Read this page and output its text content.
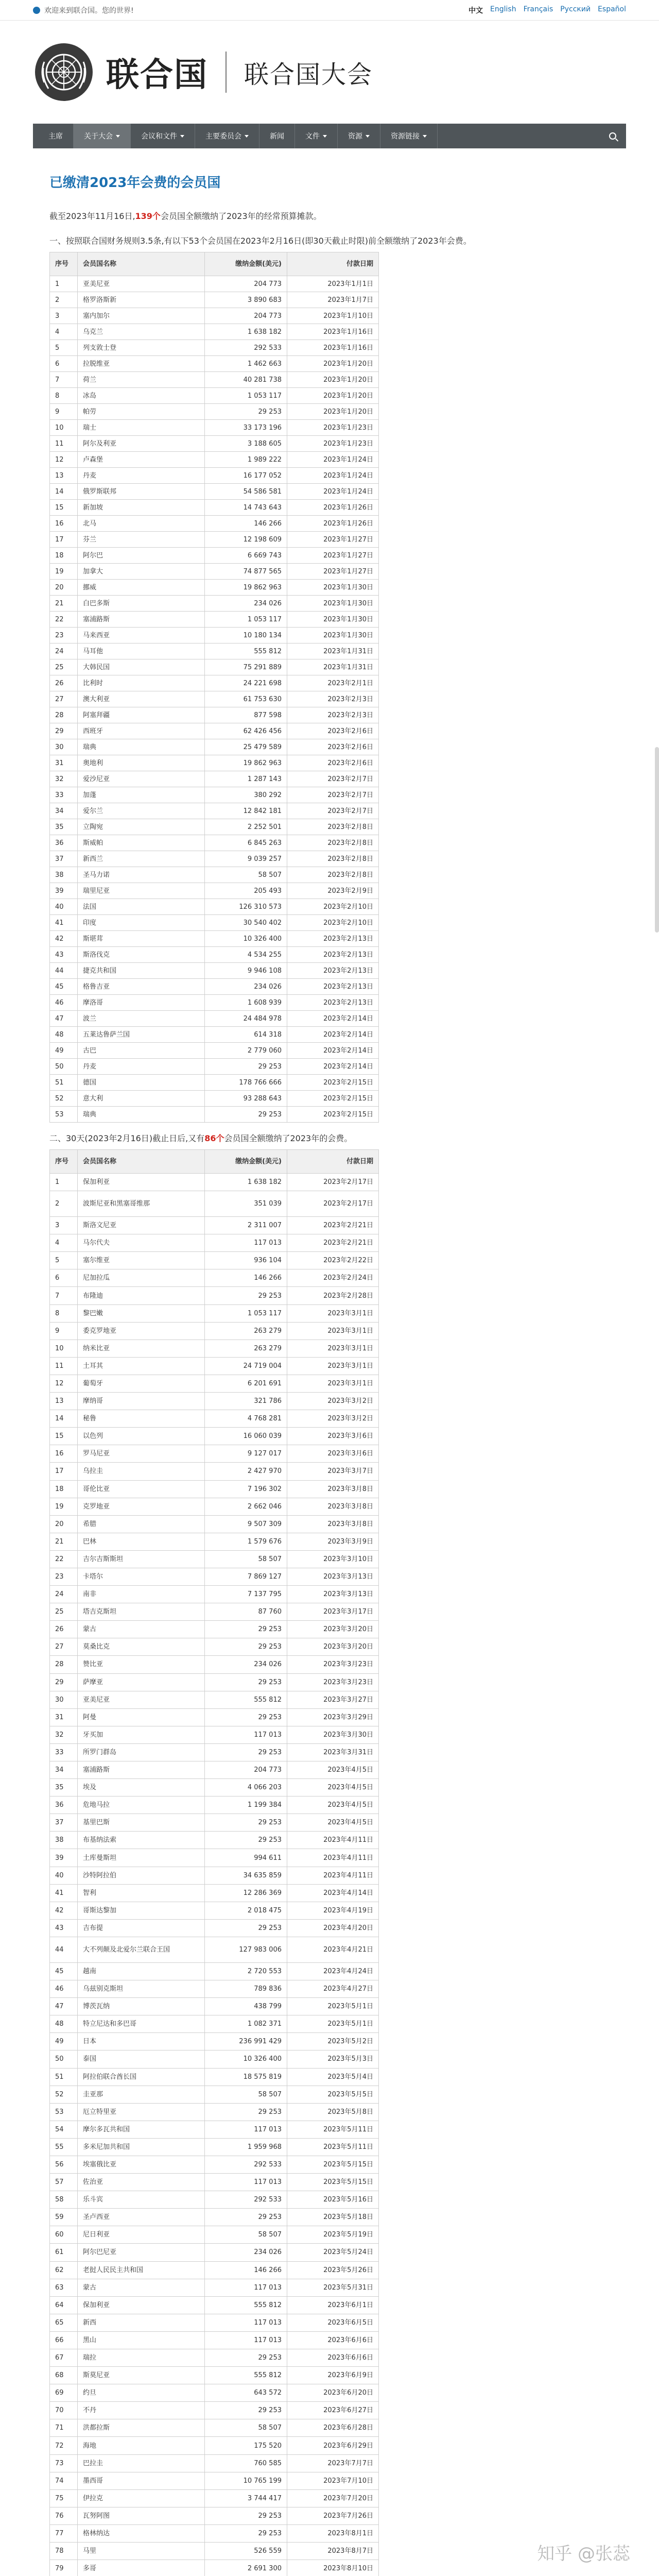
欢迎来到联合国。您的世界!	中文 English Français Русский Español
联合国 联合国大会
主席	关于大会	会议和文件	主要委员会	新闻	文件	资源	资源链接
已缴清2023年会费的会员国

截至2023年11月16日,139个会员国全额缴纳了2023年的经常预算摊款。

一、按照联合国财务规则3.5条,有以下53个会员国在2023年2月16日(即30天截止时限)前全额缴纳了2023年会费。

序号	会员国名称	缴纳金额(美元)	付款日期
1	亚美尼亚	204 773	2023年1月1日
2	格罗洛斯新	3 890 683	2023年1月7日
3	塞内加尔	204 773	2023年1月10日
4	乌克兰	1 638 182	2023年1月16日
5	列支敦士登	292 533	2023年1月16日
6	拉脱维亚	1 462 663	2023年1月20日
7	荷兰	40 281 738	2023年1月20日
8	冰岛	1 053 117	2023年1月20日
9	帕劳	29 253	2023年1月20日
10	瑞士	33 173 196	2023年1月23日
11	阿尔及利亚	3 188 605	2023年1月23日
12	卢森堡	1 989 222	2023年1月24日
13	丹麦	16 177 052	2023年1月24日
14	俄罗斯联邦	54 586 581	2023年1月24日
15	新加坡	14 743 643	2023年1月26日
16	北马	146 266	2023年1月26日
17	芬兰	12 198 609	2023年1月27日
18	阿尔巴	6 669 743	2023年1月27日
19	加拿大	74 877 565	2023年1月27日
20	挪威	19 862 963	2023年1月30日
21	白巴多斯	234 026	2023年1月30日
22	塞浦路斯	1 053 117	2023年1月30日
23	马来西亚	10 180 134	2023年1月30日
24	马耳他	555 812	2023年1月31日
25	大韩民国	75 291 889	2023年1月31日
26	比利时	24 221 698	2023年2月1日
27	澳大利亚	61 753 630	2023年2月3日
28	阿塞拜疆	877 598	2023年2月3日
29	西班牙	62 426 456	2023年2月6日
30	瑞典	25 479 589	2023年2月6日
31	奥地利	19 862 963	2023年2月6日
32	爱沙尼亚	1 287 143	2023年2月7日
33	加蓬	380 292	2023年2月7日
34	爱尔兰	12 842 181	2023年2月7日
35	立陶宛	2 252 501	2023年2月8日
36	斯威帕	6 845 263	2023年2月8日
37	新西兰	9 039 257	2023年2月8日
38	圣马力诺	58 507	2023年2月8日
39	瑞里尼亚	205 493	2023年2月9日
40	法国	126 310 573	2023年2月10日
41	印度	30 540 402	2023年2月10日
42	斯堪茸	10 326 400	2023年2月13日
43	斯洛伐克	4 534 255	2023年2月13日
44	捷克共和国	9 946 108	2023年2月13日
45	格鲁吉亚	234 026	2023年2月13日
46	摩洛哥	1 608 939	2023年2月13日
47	波兰	24 484 978	2023年2月14日
48	五莱达鲁萨兰国	614 318	2023年2月14日
49	古巴	2 779 060	2023年2月14日
50	丹麦	29 253	2023年2月14日
51	德国	178 766 666	2023年2月15日
52	意大利	93 288 643	2023年2月15日
53	瑞典	29 253	2023年2月15日

二、30天(2023年2月16日)截止日后,又有86个会员国全额缴纳了2023年的会费。

序号	会员国名称	缴纳金额(美元)	付款日期
1	保加利亚	1 638 182	2023年2月17日
2	波斯尼亚和黑塞哥维那	351 039	2023年2月17日
3	斯洛文尼亚	2 311 007	2023年2月21日
4	马尔代夫	117 013	2023年2月21日
5	塞尔维亚	936 104	2023年2月22日
6	尼加拉瓜	146 266	2023年2月24日
7	布隆迪	29 253	2023年2月28日
8	黎巴嫩	1 053 117	2023年3月1日
9	委克罗地亚	263 279	2023年3月1日
10	纳米比亚	263 279	2023年3月1日
11	土耳其	24 719 004	2023年3月1日
12	葡萄牙	6 201 691	2023年3月1日
13	摩纳哥	321 786	2023年3月2日
14	秘鲁	4 768 281	2023年3月2日
15	以色列	16 060 039	2023年3月6日
16	罗马尼亚	9 127 017	2023年3月6日
17	乌拉圭	2 427 970	2023年3月7日
18	哥伦比亚	7 196 302	2023年3月8日
19	克罗地亚	2 662 046	2023年3月8日
20	希腊	9 507 309	2023年3月8日
21	巴林	1 579 676	2023年3月9日
22	吉尔吉斯斯坦	58 507	2023年3月10日
23	卡塔尔	7 869 127	2023年3月13日
24	南非	7 137 795	2023年3月13日
25	塔吉克斯坦	87 760	2023年3月17日
26	蒙古	29 253	2023年3月20日
27	莫桑比克	29 253	2023年3月20日
28	赞比亚	234 026	2023年3月23日
29	萨摩亚	29 253	2023年3月23日
30	亚美尼亚	555 812	2023年3月27日
31	阿曼	29 253	2023年3月29日
32	牙买加	117 013	2023年3月30日
33	所罗门群岛	29 253	2023年3月31日
34	塞浦路斯	204 773	2023年4月5日
35	埃及	4 066 203	2023年4月5日
36	危地马拉	1 199 384	2023年4月5日
37	基里巴斯	29 253	2023年4月5日
38	布基纳法索	29 253	2023年4月11日
39	土库曼斯坦	994 611	2023年4月11日
40	沙特阿拉伯	34 635 859	2023年4月11日
41	智利	12 286 369	2023年4月14日
42	哥斯达黎加	2 018 475	2023年4月19日
43	吉布提	29 253	2023年4月20日
44	大不列颠及北爱尔兰联合王国	127 983 006	2023年4月21日
45	越南	2 720 553	2023年4月24日
46	乌兹别克斯坦	789 836	2023年4月27日
47	博茨瓦纳	438 799	2023年5月1日
48	特立尼达和多巴哥	1 082 371	2023年5月1日
49	日本	236 991 429	2023年5月2日
50	泰国	10 326 400	2023年5月3日
51	阿拉伯联合酋长国	18 575 819	2023年5月4日
52	圭亚那	58 507	2023年5月5日
53	厄立特里亚	29 253	2023年5月8日
54	摩尔多瓦共和国	117 013	2023年5月11日
55	多米尼加共和国	1 959 968	2023年5月11日
56	埃塞俄比亚	292 533	2023年5月15日
57	佐治亚	117 013	2023年5月15日
58	乐斗宾	292 533	2023年5月16日
59	圣卢西亚	29 253	2023年5月18日
60	尼日利亚	58 507	2023年5月19日
61	阿尔巴尼亚	234 026	2023年5月24日
62	老挝人民民主共和国	146 266	2023年5月26日
63	蒙古	117 013	2023年5月31日
64	保加利亚	555 812	2023年6月1日
65	新西	117 013	2023年6月5日
66	黑山	117 013	2023年6月6日
67	瑞拉	29 253	2023年6月6日
68	斯莫尼亚	555 812	2023年6月9日
69	约旦	643 572	2023年6月20日
70	不丹	29 253	2023年6月27日
71	洪都拉斯	58 507	2023年6月28日
72	海地	175 520	2023年6月29日
73	巴拉圭	760 585	2023年7月7日
74	墨西哥	10 765 199	2023年7月10日
75	伊拉克	3 744 417	2023年7月20日
76	瓦努阿图	29 253	2023年7月26日
77	格林纳达	29 253	2023年8月1日
78	马里	526 559	2023年8月7日
79	多哥	2 691 300	2023年8月10日

知乎 @张蕊
